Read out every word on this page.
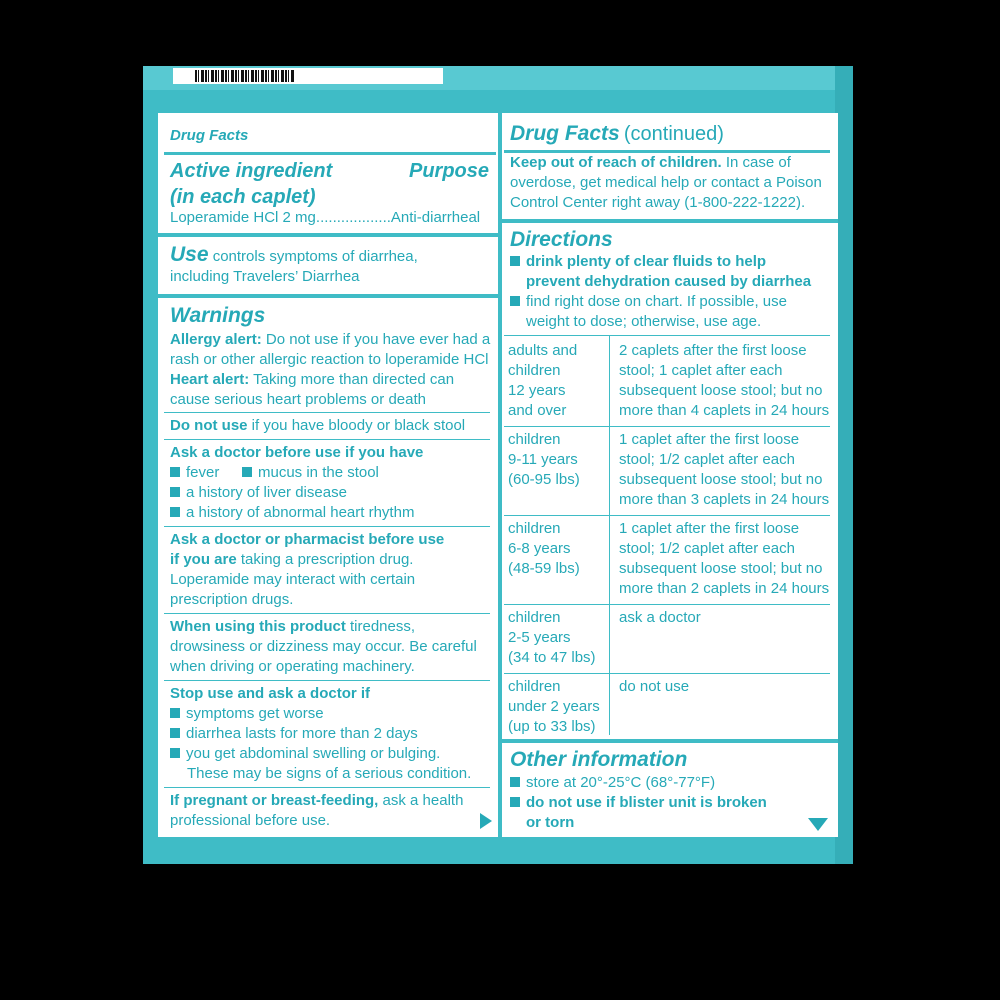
Drug Facts
Active ingredient
(in each caplet)
Purpose
Loperamide HCl 2 mg..................Anti-diarrheal
Use controls symptoms of diarrhea,
including Travelers’ Diarrhea
Warnings
Allergy alert: Do not use if you have ever had a
rash or other allergic reaction to loperamide HCl
Heart alert: Taking more than directed can
cause serious heart problems or death
Do not use if you have bloody or black stool
Ask a doctor before use if you have
fever	mucus in the stool
a history of liver disease
a history of abnormal heart rhythm
Ask a doctor or pharmacist before use
if you are taking a prescription drug.
Loperamide may interact with certain
prescription drugs.
When using this product tiredness,
drowsiness or dizziness may occur. Be careful
when driving or operating machinery.
Stop use and ask a doctor if
symptoms get worse
diarrhea lasts for more than 2 days
you get abdominal swelling or bulging.
These may be signs of a serious condition.
If pregnant or breast-feeding, ask a health
professional before use.
Drug Facts (continued)
Keep out of reach of children. In case of
overdose, get medical help or contact a Poison
Control Center right away (1-800-222-1222).
Directions
drink plenty of clear fluids to help
prevent dehydration caused by diarrhea
find right dose on chart. If possible, use
weight to dose; otherwise, use age.
adults and
children
12 years
and over
2 caplets after the first loose
stool; 1 caplet after each
subsequent loose stool; but no
more than 4 caplets in 24 hours
children
9-11 years
(60-95 lbs)
1 caplet after the first loose
stool; 1/2 caplet after each
subsequent loose stool; but no
more than 3 caplets in 24 hours
children
6-8 years
(48-59 lbs)
1 caplet after the first loose
stool; 1/2 caplet after each
subsequent loose stool; but no
more than 2 caplets in 24 hours
children
2-5 years
(34 to 47 lbs)
ask a doctor
children
under 2 years
(up to 33 lbs)
do not use
Other information
store at 20°-25°C (68°-77°F)
do not use if blister unit is broken
or torn
